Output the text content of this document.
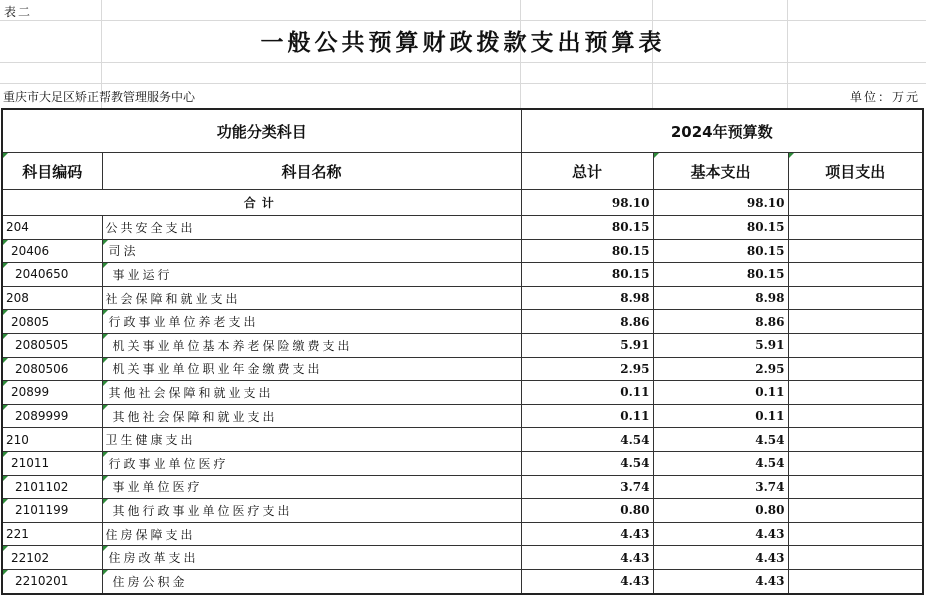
表二
一般公共预算财政拨款支出预算表
重庆市大足区矫正帮教管理服务中心	单位：万元
功能分类科目		2024年预算数		

科目编码	科目名称	总计	基本支出	项目支出
合计		98.10	98.10	
204	公共安全支出	80.15	80.15	

20406	司法	80.15	80.15	

2040650	事业运行	80.15	80.15	
208	社会保障和就业支出	8.98	8.98	

20805	行政事业单位养老支出	8.86	8.86	

2080505	机关事业单位基本养老保险缴费支出	5.91	5.91	

2080506	机关事业单位职业年金缴费支出	2.95	2.95	

20899	其他社会保障和就业支出	0.11	0.11	

2089999	其他社会保障和就业支出	0.11	0.11	
210	卫生健康支出	4.54	4.54	

21011	行政事业单位医疗	4.54	4.54	

2101102	事业单位医疗	3.74	3.74	

2101199	其他行政事业单位医疗支出	0.80	0.80	
221	住房保障支出	4.43	4.43	

22102	住房改革支出	4.43	4.43	

2210201	住房公积金	4.43	4.43	
